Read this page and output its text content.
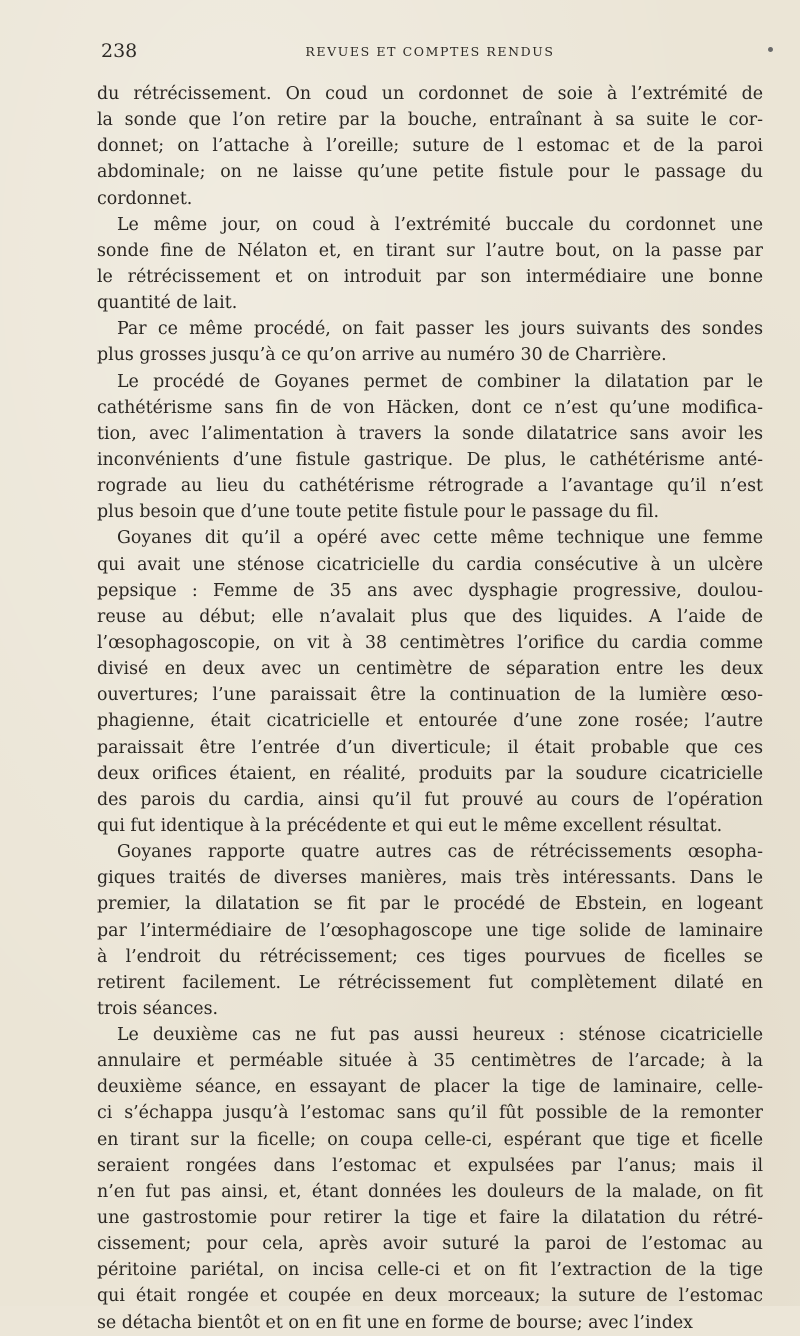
238	REVUES ET COMPTES RENDUS
du rétrécissement. On coud un cordonnet de soie à l’extrémité de
la sonde que l’on retire par la bouche, entraînant à sa suite le cor-
donnet; on l’attache à l’oreille; suture de l estomac et de la paroi
abdominale; on ne laisse qu’une petite fistule pour le passage du
cordonnet.
Le même jour, on coud à l’extrémité buccale du cordonnet une
sonde fine de Nélaton et, en tirant sur l’autre bout, on la passe par
le rétrécissement et on introduit par son intermédiaire une bonne
quantité de lait.
Par ce même procédé, on fait passer les jours suivants des sondes
plus grosses jusqu’à ce qu’on arrive au numéro 30 de Charrière.
Le procédé de Goyanes permet de combiner la dilatation par le
cathétérisme sans fin de von Häcken, dont ce n’est qu’une modifica-
tion, avec l’alimentation à travers la sonde dilatatrice sans avoir les
inconvénients d’une fistule gastrique. De plus, le cathétérisme anté-
rograde au lieu du cathétérisme rétrograde a l’avantage qu’il n’est
plus besoin que d’une toute petite fistule pour le passage du fil.
Goyanes dit qu’il a opéré avec cette même technique une femme
qui avait une sténose cicatricielle du cardia consécutive à un ulcère
pepsique : Femme de 35 ans avec dysphagie progressive, doulou-
reuse au début; elle n’avalait plus que des liquides. A l’aide de
l’œsophagoscopie, on vit à 38 centimètres l’orifice du cardia comme
divisé en deux avec un centimètre de séparation entre les deux
ouvertures; l’une paraissait être la continuation de la lumière œso-
phagienne, était cicatricielle et entourée d’une zone rosée; l’autre
paraissait être l’entrée d’un diverticule; il était probable que ces
deux orifices étaient, en réalité, produits par la soudure cicatricielle
des parois du cardia, ainsi qu’il fut prouvé au cours de l’opération
qui fut identique à la précédente et qui eut le même excellent résultat.
Goyanes rapporte quatre autres cas de rétrécissements œsopha-
giques traités de diverses manières, mais très intéressants. Dans le
premier, la dilatation se fit par le procédé de Ebstein, en logeant
par l’intermédiaire de l’œsophagoscope une tige solide de laminaire
à l’endroit du rétrécissement; ces tiges pourvues de ficelles se
retirent facilement. Le rétrécissement fut complètement dilaté en
trois séances.
Le deuxième cas ne fut pas aussi heureux : sténose cicatricielle
annulaire et perméable située à 35 centimètres de l’arcade; à la
deuxième séance, en essayant de placer la tige de laminaire, celle-
ci s’échappa jusqu’à l’estomac sans qu’il fût possible de la remonter
en tirant sur la ficelle; on coupa celle-ci, espérant que tige et ficelle
seraient rongées dans l’estomac et expulsées par l’anus; mais il
n’en fut pas ainsi, et, étant données les douleurs de la malade, on fit
une gastrostomie pour retirer la tige et faire la dilatation du rétré-
cissement; pour cela, après avoir suturé la paroi de l’estomac au
péritoine pariétal, on incisa celle-ci et on fit l’extraction de la tige
qui était rongée et coupée en deux morceaux; la suture de l’estomac
se détacha bientôt et on en fit une en forme de bourse; avec l’index
